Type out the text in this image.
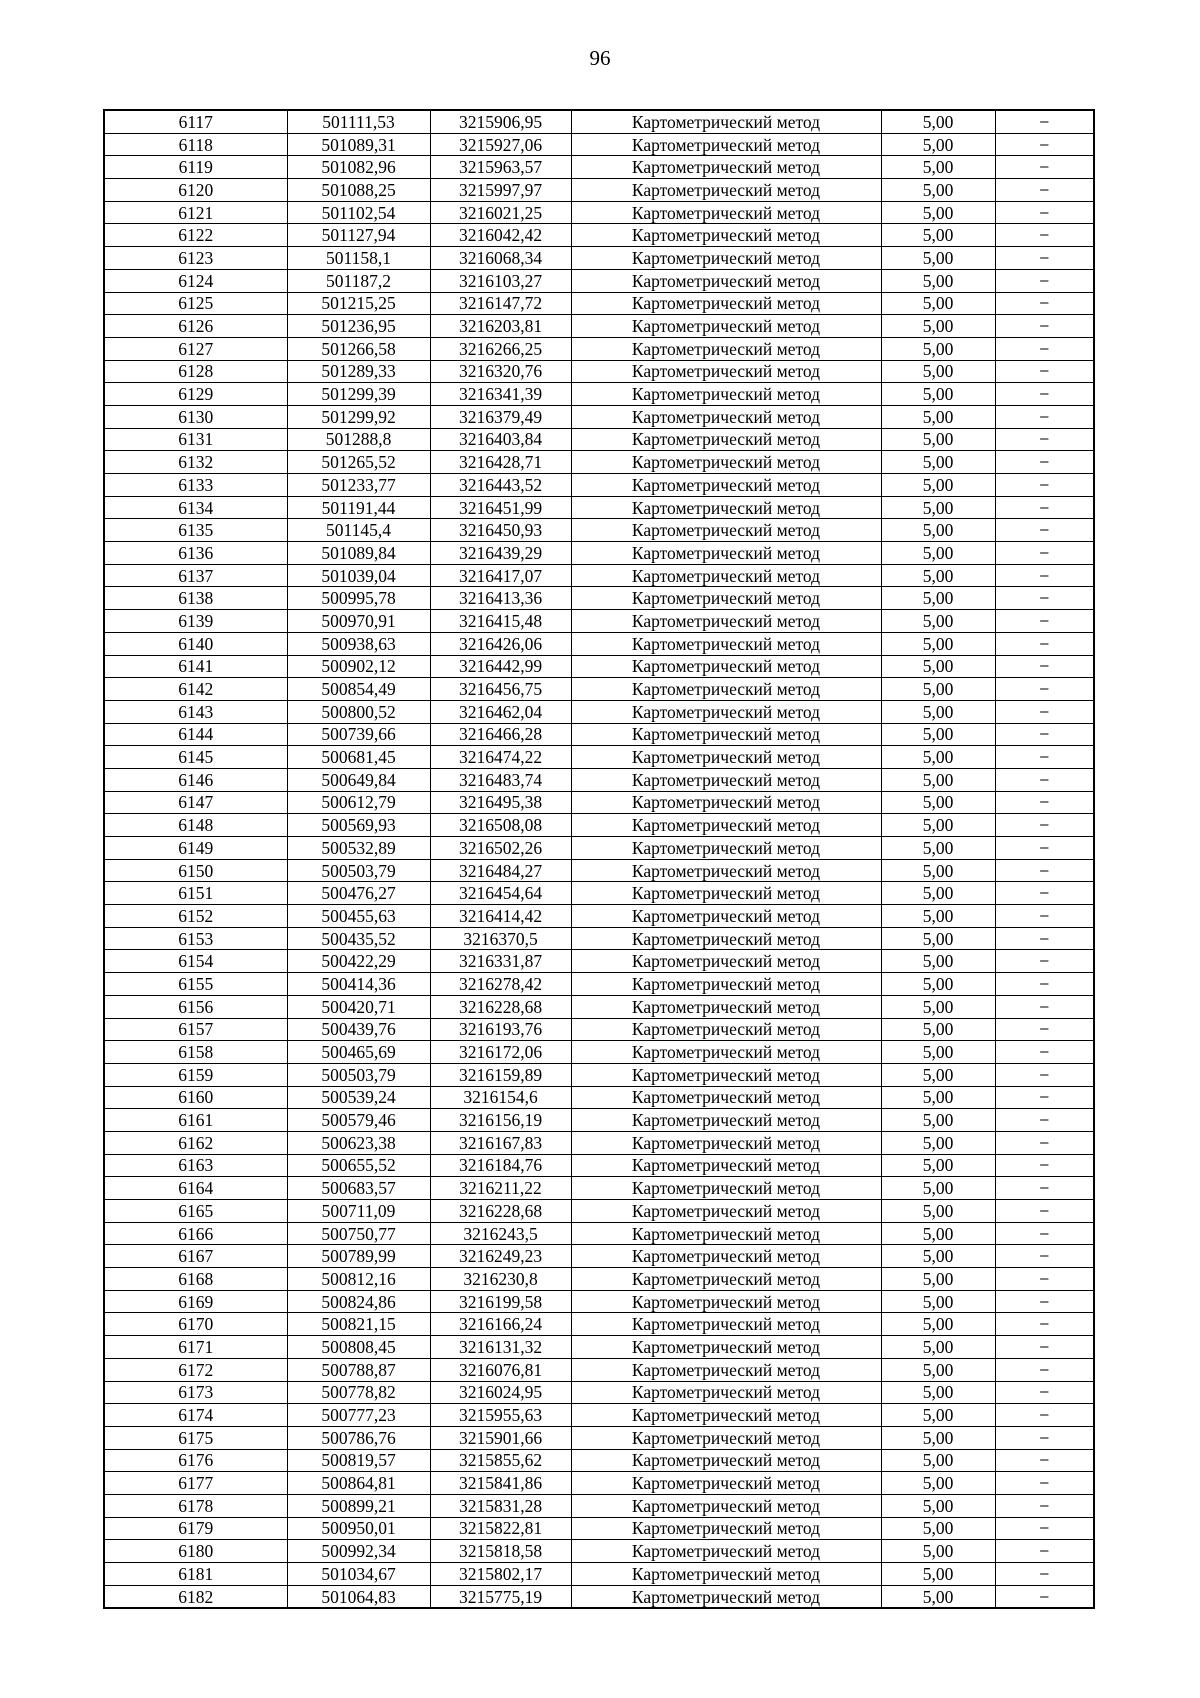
96
6117	501111,53	3215906,95	Картометрический метод	5,00	–
6118	501089,31	3215927,06	Картометрический метод	5,00	–
6119	501082,96	3215963,57	Картометрический метод	5,00	–
6120	501088,25	3215997,97	Картометрический метод	5,00	–
6121	501102,54	3216021,25	Картометрический метод	5,00	–
6122	501127,94	3216042,42	Картометрический метод	5,00	–
6123	501158,1	3216068,34	Картометрический метод	5,00	–
6124	501187,2	3216103,27	Картометрический метод	5,00	–
6125	501215,25	3216147,72	Картометрический метод	5,00	–
6126	501236,95	3216203,81	Картометрический метод	5,00	–
6127	501266,58	3216266,25	Картометрический метод	5,00	–
6128	501289,33	3216320,76	Картометрический метод	5,00	–
6129	501299,39	3216341,39	Картометрический метод	5,00	–
6130	501299,92	3216379,49	Картометрический метод	5,00	–
6131	501288,8	3216403,84	Картометрический метод	5,00	–
6132	501265,52	3216428,71	Картометрический метод	5,00	–
6133	501233,77	3216443,52	Картометрический метод	5,00	–
6134	501191,44	3216451,99	Картометрический метод	5,00	–
6135	501145,4	3216450,93	Картометрический метод	5,00	–
6136	501089,84	3216439,29	Картометрический метод	5,00	–
6137	501039,04	3216417,07	Картометрический метод	5,00	–
6138	500995,78	3216413,36	Картометрический метод	5,00	–
6139	500970,91	3216415,48	Картометрический метод	5,00	–
6140	500938,63	3216426,06	Картометрический метод	5,00	–
6141	500902,12	3216442,99	Картометрический метод	5,00	–
6142	500854,49	3216456,75	Картометрический метод	5,00	–
6143	500800,52	3216462,04	Картометрический метод	5,00	–
6144	500739,66	3216466,28	Картометрический метод	5,00	–
6145	500681,45	3216474,22	Картометрический метод	5,00	–
6146	500649,84	3216483,74	Картометрический метод	5,00	–
6147	500612,79	3216495,38	Картометрический метод	5,00	–
6148	500569,93	3216508,08	Картометрический метод	5,00	–
6149	500532,89	3216502,26	Картометрический метод	5,00	–
6150	500503,79	3216484,27	Картометрический метод	5,00	–
6151	500476,27	3216454,64	Картометрический метод	5,00	–
6152	500455,63	3216414,42	Картометрический метод	5,00	–
6153	500435,52	3216370,5	Картометрический метод	5,00	–
6154	500422,29	3216331,87	Картометрический метод	5,00	–
6155	500414,36	3216278,42	Картометрический метод	5,00	–
6156	500420,71	3216228,68	Картометрический метод	5,00	–
6157	500439,76	3216193,76	Картометрический метод	5,00	–
6158	500465,69	3216172,06	Картометрический метод	5,00	–
6159	500503,79	3216159,89	Картометрический метод	5,00	–
6160	500539,24	3216154,6	Картометрический метод	5,00	–
6161	500579,46	3216156,19	Картометрический метод	5,00	–
6162	500623,38	3216167,83	Картометрический метод	5,00	–
6163	500655,52	3216184,76	Картометрический метод	5,00	–
6164	500683,57	3216211,22	Картометрический метод	5,00	–
6165	500711,09	3216228,68	Картометрический метод	5,00	–
6166	500750,77	3216243,5	Картометрический метод	5,00	–
6167	500789,99	3216249,23	Картометрический метод	5,00	–
6168	500812,16	3216230,8	Картометрический метод	5,00	–
6169	500824,86	3216199,58	Картометрический метод	5,00	–
6170	500821,15	3216166,24	Картометрический метод	5,00	–
6171	500808,45	3216131,32	Картометрический метод	5,00	–
6172	500788,87	3216076,81	Картометрический метод	5,00	–
6173	500778,82	3216024,95	Картометрический метод	5,00	–
6174	500777,23	3215955,63	Картометрический метод	5,00	–
6175	500786,76	3215901,66	Картометрический метод	5,00	–
6176	500819,57	3215855,62	Картометрический метод	5,00	–
6177	500864,81	3215841,86	Картометрический метод	5,00	–
6178	500899,21	3215831,28	Картометрический метод	5,00	–
6179	500950,01	3215822,81	Картометрический метод	5,00	–
6180	500992,34	3215818,58	Картометрический метод	5,00	–
6181	501034,67	3215802,17	Картометрический метод	5,00	–
6182	501064,83	3215775,19	Картометрический метод	5,00	–
